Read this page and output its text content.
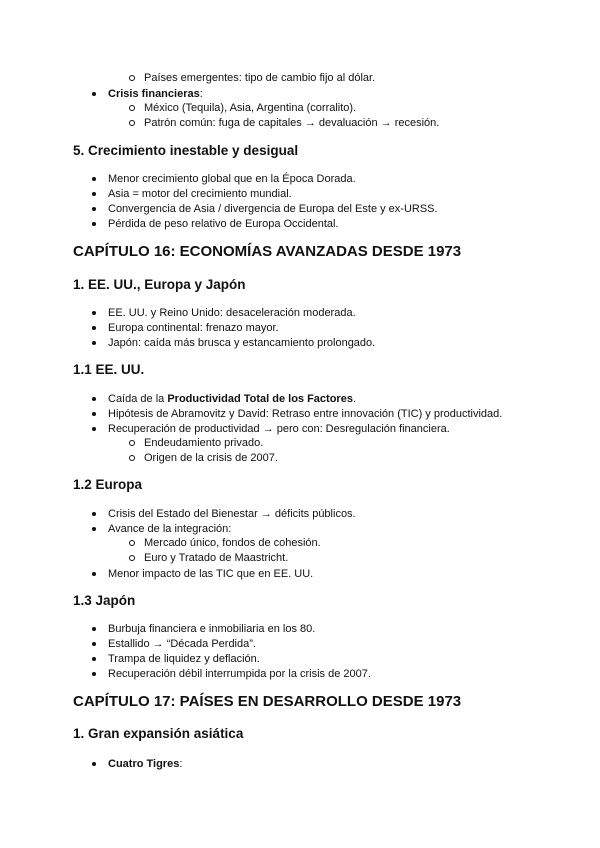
Países emergentes: tipo de cambio fijo al dólar.
Crisis financieras:
México (Tequila), Asia, Argentina (corralito).
Patrón común: fuga de capitales → devaluación → recesión.
5. Crecimiento inestable y desigual
Menor crecimiento global que en la Época Dorada.
Asia = motor del crecimiento mundial.
Convergencia de Asia / divergencia de Europa del Este y ex-URSS.
Pérdida de peso relativo de Europa Occidental.
CAPÍTULO 16: ECONOMÍAS AVANZADAS DESDE 1973
1. EE. UU., Europa y Japón
EE. UU. y Reino Unido: desaceleración moderada.
Europa continental: frenazo mayor.
Japón: caída más brusca y estancamiento prolongado.
1.1 EE. UU.
Caída de la Productividad Total de los Factores.
Hipótesis de Abramovitz y David: Retraso entre innovación (TIC) y productividad.
Recuperación de productividad → pero con: Desregulación financiera.
Endeudamiento privado.
Origen de la crisis de 2007.
1.2 Europa
Crisis del Estado del Bienestar → déficits públicos.
Avance de la integración:
Mercado único, fondos de cohesión.
Euro y Tratado de Maastricht.
Menor impacto de las TIC que en EE. UU.
1.3 Japón
Burbuja financiera e inmobiliaria en los 80.
Estallido → “Década Perdida”.
Trampa de liquidez y deflación.
Recuperación débil interrumpida por la crisis de 2007.
CAPÍTULO 17: PAÍSES EN DESARROLLO DESDE 1973
1. Gran expansión asiática
Cuatro Tigres:
